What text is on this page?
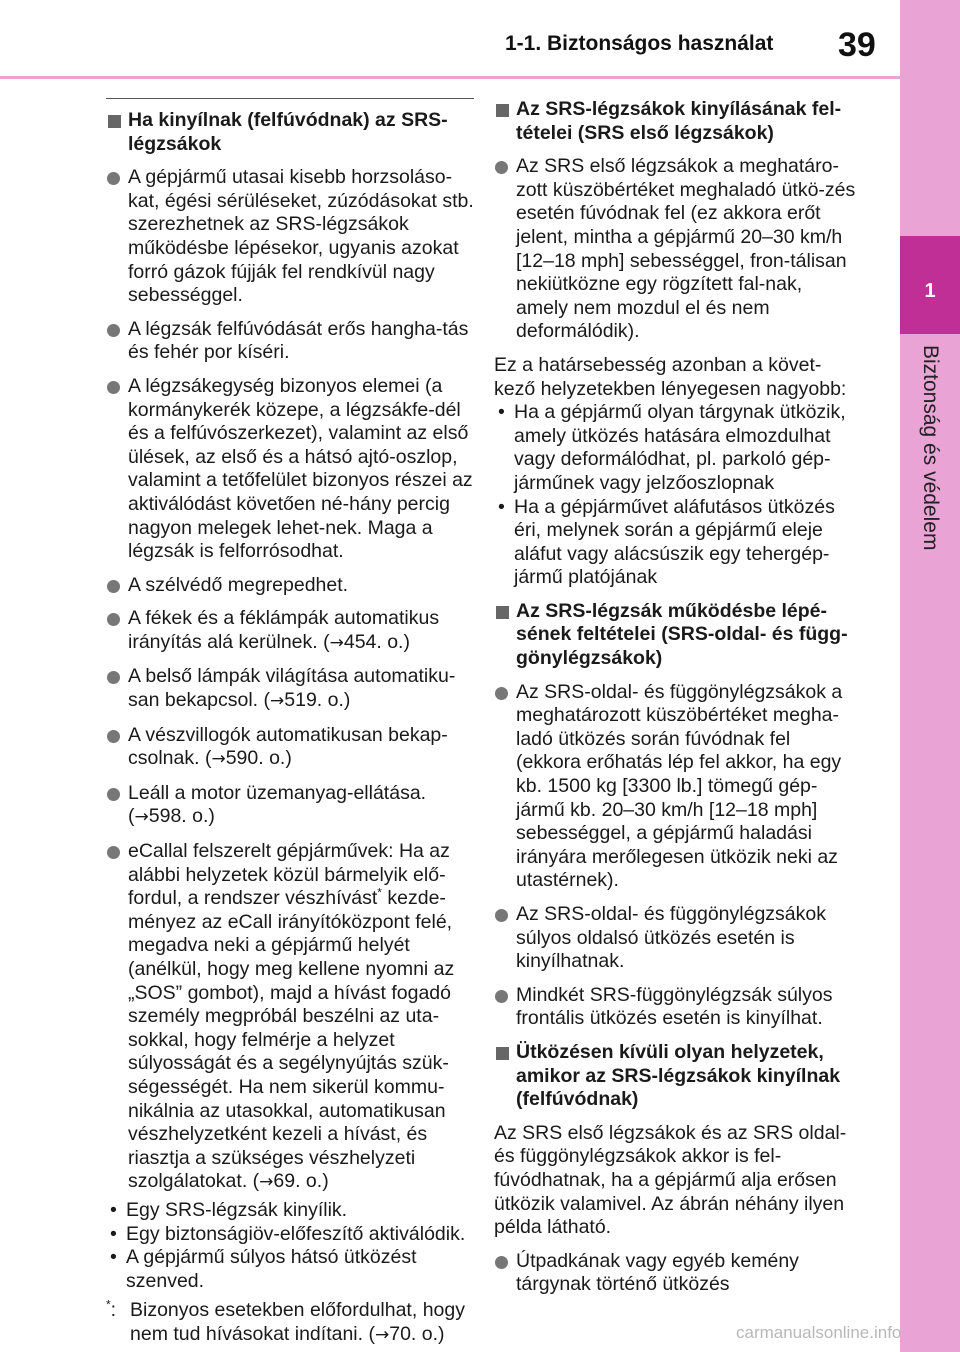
1-1. Biztonságos használat 39
1
Biztonság és védelem
Ha kinyílnak (felfúvódnak) az SRS-légzsákok
A gépjármű utasai kisebb horzsoláso-kat, égési sérüléseket, zúzódásokat stb. szerezhetnek az SRS-légzsákok működésbe lépésekor, ugyanis azokat forró gázok fújják fel rendkívül nagy sebességgel.
A légzsák felfúvódását erős hangha-tás és fehér por kíséri.
A légzsákegység bizonyos elemei (a kormánykerék közepe, a légzsákfe-dél és a felfúvószerkezet), valamint az első ülések, az első és a hátsó ajtó-oszlop, valamint a tetőfelület bizonyos részei az aktiválódást követően né-hány percig nagyon melegek lehet-nek. Maga a légzsák is felforrósodhat.
A szélvédő megrepedhet.
A fékek és a féklámpák automatikus irányítás alá kerülnek. (→454. o.)
A belső lámpák világítása automatiku-san bekapcsol. (→519. o.)
A vészvillogók automatikusan bekap-csolnak. (→590. o.)
Leáll a motor üzemanyag-ellátása. (→598. o.)
eCallal felszerelt gépjárművek: Ha az alábbi helyzetek közül bármelyik elő-fordul, a rendszer vészhívást* kezde-ményez az eCall irányítóközpont felé, megadva neki a gépjármű helyét (anélkül, hogy meg kellene nyomni az „SOS” gombot), majd a hívást fogadó személy megpróbál beszélni az uta-sokkal, hogy felmérje a helyzet súlyosságát és a segélynyújtás szük-ségességét. Ha nem sikerül kommu-nikálnia az utasokkal, automatikusan vészhelyzetként kezeli a hívást, és riasztja a szükséges vészhelyzeti szolgálatokat. (→69. o.)
• Egy SRS-légzsák kinyílik.
• Egy biztonságiöv-előfeszítő aktiválódik.
• A gépjármű súlyos hátsó ütközést szenved.
*: Bizonyos esetekben előfordulhat, hogy nem tud hívásokat indítani. (→70. o.)
Az SRS-légzsákok kinyílásának fel-tételei (SRS első légzsákok)
Az SRS első légzsákok a meghatáro-zott küszöbértéket meghaladó ütkö-zés esetén fúvódnak fel (ez akkora erőt jelent, mintha a gépjármű 20–30 km/h [12–18 mph] sebességgel, fron-tálisan nekiütközne egy rögzített fal-nak, amely nem mozdul el és nem deformálódik).
Ez a határsebesség azonban a követ-kező helyzetekben lényegesen nagyobb:
• Ha a gépjármű olyan tárgynak ütközik, amely ütközés hatására elmozdulhat vagy deformálódhat, pl. parkoló gép-járműnek vagy jelzőoszlopnak
• Ha a gépjárművet aláfutásos ütközés éri, melynek során a gépjármű eleje aláfut vagy alácsúszik egy tehergép-jármű platójának
Az SRS-légzsák működésbe lépé-sének feltételei (SRS-oldal- és függ-gönylégzsákok)
Az SRS-oldal- és függönylégzsákok a meghatározott küszöbértéket megha-ladó ütközés során fúvódnak fel (ekkora erőhatás lép fel akkor, ha egy kb. 1500 kg [3300 lb.] tömegű gép-jármű kb. 20–30 km/h [12–18 mph] sebességgel, a gépjármű haladási irányára merőlegesen ütközik neki az utastérnek).
Az SRS-oldal- és függönylégzsákok súlyos oldalsó ütközés esetén is kinyílhatnak.
Mindkét SRS-függönylégzsák súlyos frontális ütközés esetén is kinyílhat.
Ütközésen kívüli olyan helyzetek, amikor az SRS-légzsákok kinyílnak (felfúvódnak)
Az SRS első légzsákok és az SRS oldal- és függönylégzsákok akkor is fel-fúvódhatnak, ha a gépjármű alja erősen ütközik valamivel. Az ábrán néhány ilyen példa látható.
Útpadkának vagy egyéb kemény tárgynak történő ütközés
carmanualsonline.info
